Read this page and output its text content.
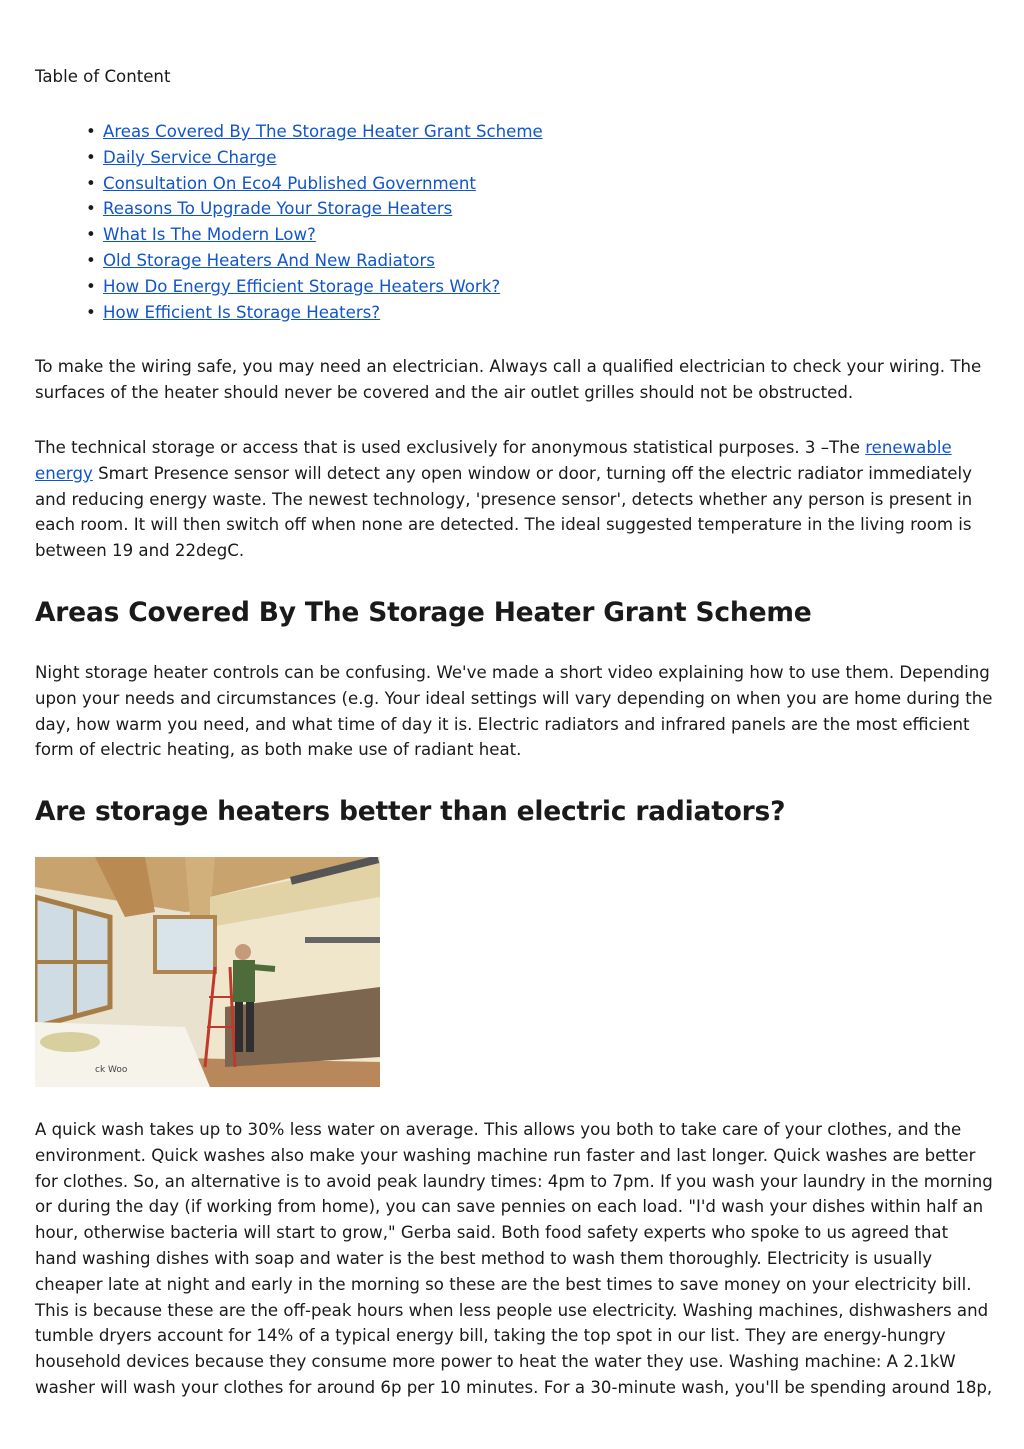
Table of Content

• Areas Covered By The Storage Heater Grant Scheme
• Daily Service Charge
• Consultation On Eco4 Published Government
• Reasons To Upgrade Your Storage Heaters
• What Is The Modern Low?
• Old Storage Heaters And New Radiators
• How Do Energy Efficient Storage Heaters Work?
• How Efficient Is Storage Heaters?

To make the wiring safe, you may need an electrician. Always call a qualified electrician to check your wiring. The surfaces of the heater should never be covered and the air outlet grilles should not be obstructed.

The technical storage or access that is used exclusively for anonymous statistical purposes. 3 –The renewable energy Smart Presence sensor will detect any open window or door, turning off the electric radiator immediately and reducing energy waste. The newest technology, 'presence sensor', detects whether any person is present in each room. It will then switch off when none are detected. The ideal suggested temperature in the living room is between 19 and 22degC.

Areas Covered By The Storage Heater Grant Scheme

Night storage heater controls can be confusing. We've made a short video explaining how to use them. Depending upon your needs and circumstances (e.g. Your ideal settings will vary depending on when you are home during the day, how warm you need, and what time of day it is. Electric radiators and infrared panels are the most efficient form of electric heating, as both make use of radiant heat.

Are storage heaters better than electric radiators?
ck Woo

A quick wash takes up to 30% less water on average. This allows you both to take care of your clothes, and the environment. Quick washes also make your washing machine run faster and last longer. Quick washes are better for clothes. So, an alternative is to avoid peak laundry times: 4pm to 7pm. If you wash your laundry in the morning or during the day (if working from home), you can save pennies on each load. "I'd wash your dishes within half an hour, otherwise bacteria will start to grow," Gerba said. Both food safety experts who spoke to us agreed that hand washing dishes with soap and water is the best method to wash them thoroughly. Electricity is usually cheaper late at night and early in the morning so these are the best times to save money on your electricity bill. This is because these are the off-peak hours when less people use electricity. Washing machines, dishwashers and tumble dryers account for 14% of a typical energy bill, taking the top spot in our list. They are energy-hungry household devices because they consume more power to heat the water they use. Washing machine: A 2.1kW washer will wash your clothes for around 6p per 10 minutes. For a 30-minute wash, you'll be spending around 18p,
